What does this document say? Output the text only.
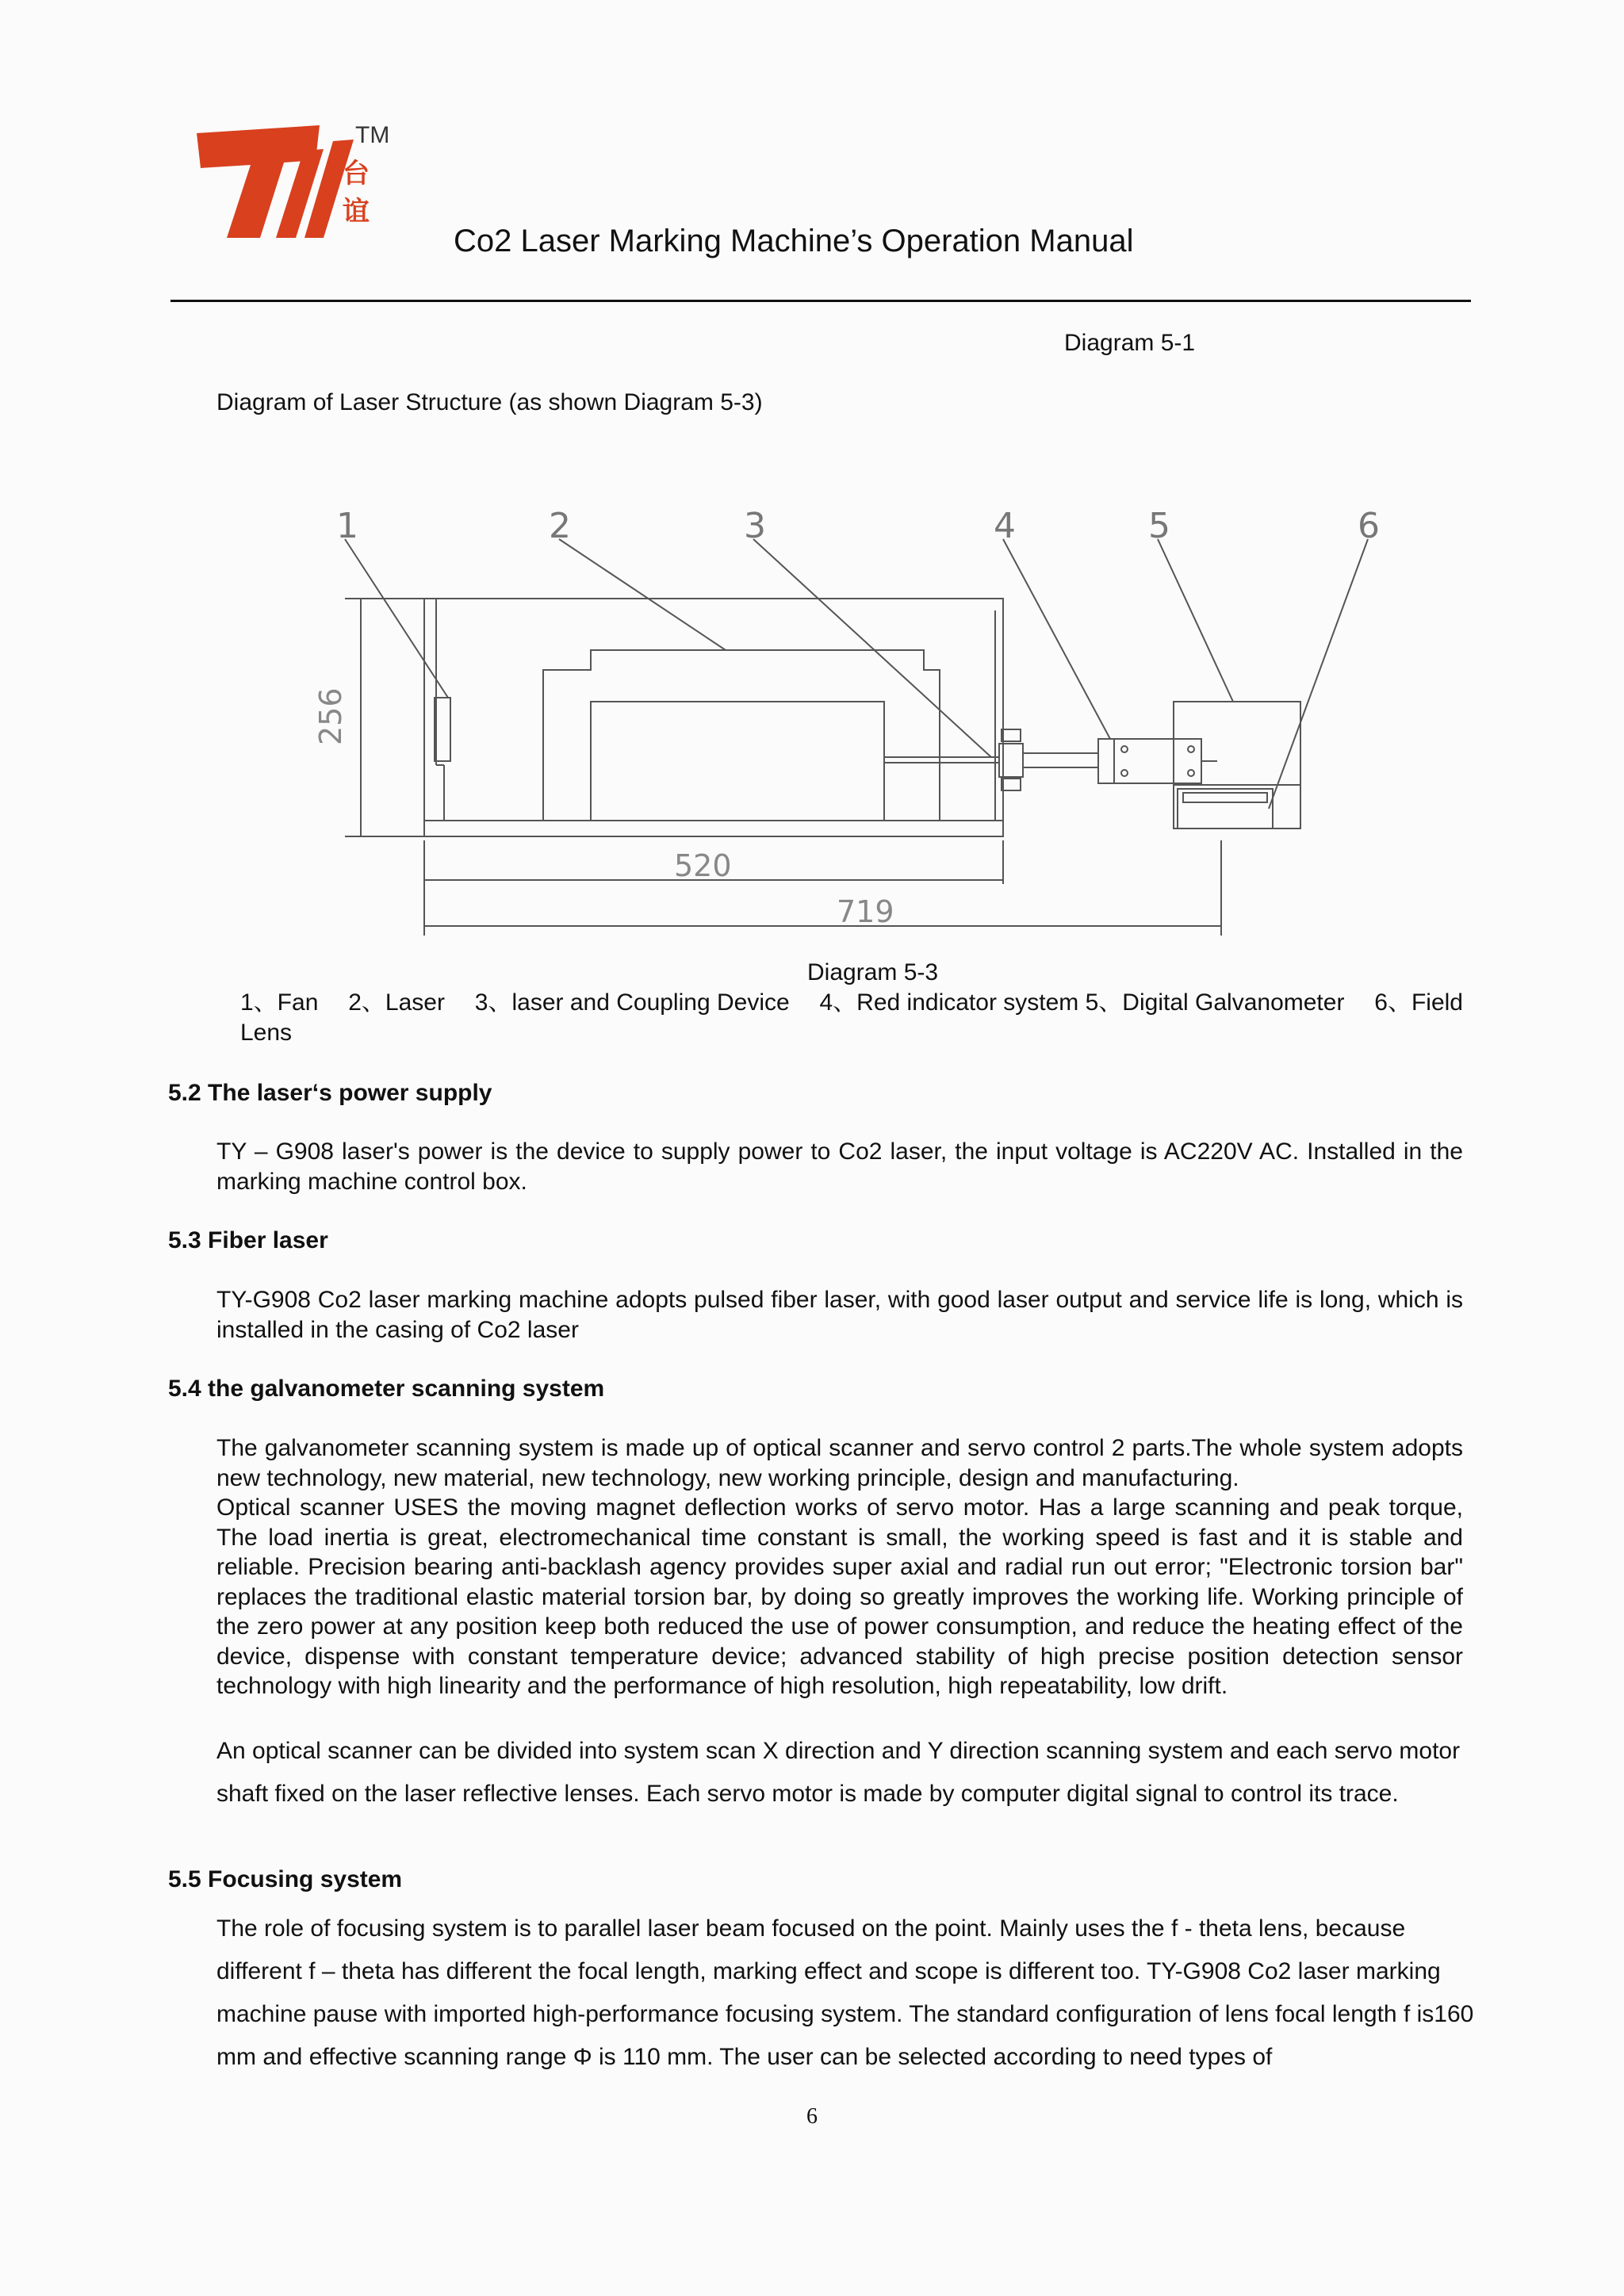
台
谊
TM
Co2 Laser Marking Machine’s Operation Manual
Diagram 5-1
Diagram of Laser Structure (as shown Diagram 5-3)
1	2	3	4	5	6
256
520
719
Diagram 5-3
1、Fan 2、Laser 3、laser and Coupling Device 4、Red indicator system 5、Digital Galvanometer 6、Field
Lens
5.2 The laser‘s power supply
TY – G908 laser's power is the device to supply power to Co2 laser, the input voltage is AC220V AC. Installed in the marking machine control box.
5.3 Fiber laser
TY-G908 Co2 laser marking machine adopts pulsed fiber laser, with good laser output and service life is long, which is installed in the casing of Co2 laser
5.4 the galvanometer scanning system
The galvanometer scanning system is made up of optical scanner and servo control 2 parts.The whole system adopts new technology, new material, new technology, new working principle, design and manufacturing.
Optical scanner USES the moving magnet deflection works of servo motor. Has a large scanning and peak torque, The load inertia is great, electromechanical time constant is small, the working speed is fast and it is stable and reliable. Precision bearing anti-backlash agency provides super axial and radial run out error; "Electronic torsion bar" replaces the traditional elastic material torsion bar, by doing so greatly improves the working life. Working principle of the zero power at any position keep both reduced the use of power consumption, and reduce the heating effect of the device, dispense with constant temperature device; advanced stability of high precise position detection sensor technology with high linearity and the performance of high resolution, high repeatability, low drift.
An optical scanner can be divided into system scan X direction and Y direction scanning system and each servo motor shaft fixed on the laser reflective lenses. Each servo motor is made by computer digital signal to control its trace.
5.5 Focusing system
The role of focusing system is to parallel laser beam focused on the point. Mainly uses the f - theta lens, because different f – theta has different the focal length, marking effect and scope is different too. TY-G908 Co2 laser marking machine pause with imported high-performance focusing system. The standard configuration of lens focal length f is160 mm and effective scanning range Φ is 110 mm. The user can be selected according to need types of
6
